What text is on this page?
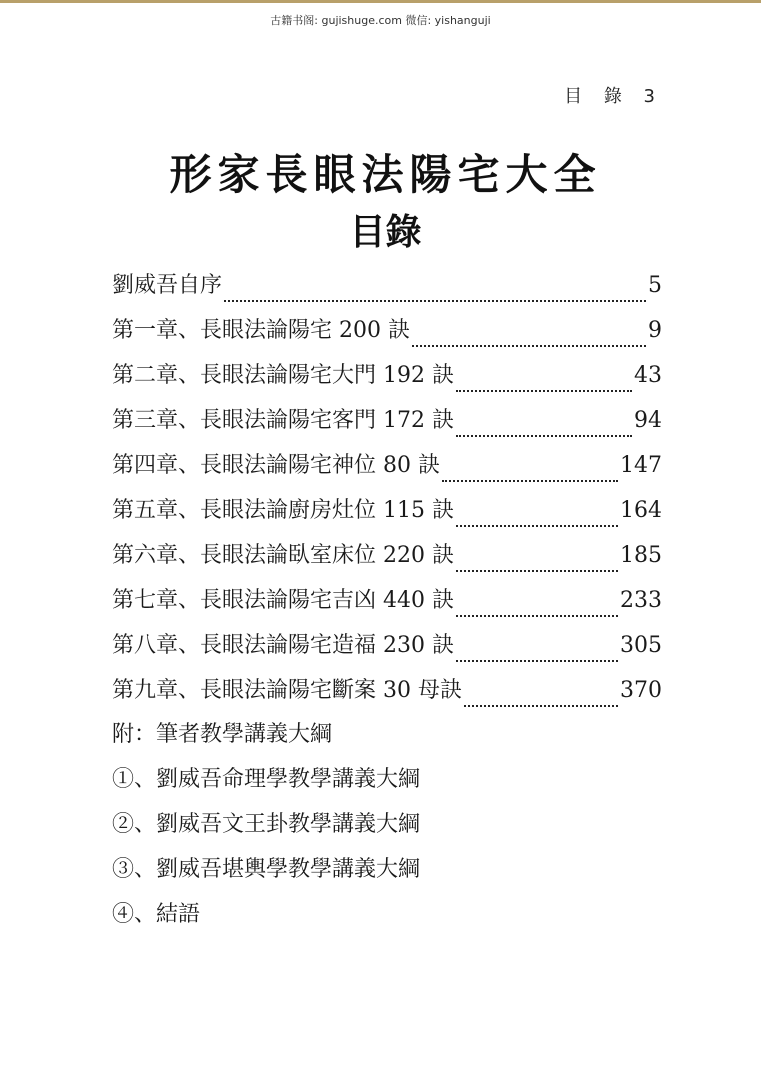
古籍书阁: gujishuge.com 微信: yishanguji
目 錄 3
形家長眼法陽宅大全
目錄
劉威吾自序	5
第一章、長眼法論陽宅 200 訣	9
第二章、長眼法論陽宅大門 192 訣	43
第三章、長眼法論陽宅客門 172 訣	94
第四章、長眼法論陽宅神位 80 訣	147
第五章、長眼法論廚房灶位 115 訣	164
第六章、長眼法論臥室床位 220 訣	185
第七章、長眼法論陽宅吉凶 440 訣	233
第八章、長眼法論陽宅造福 230 訣	305
第九章、長眼法論陽宅斷案 30 母訣	370
附：筆者教學講義大綱
①、劉威吾命理學教學講義大綱
②、劉威吾文王卦教學講義大綱
③、劉威吾堪輿學教學講義大綱
④、結語
